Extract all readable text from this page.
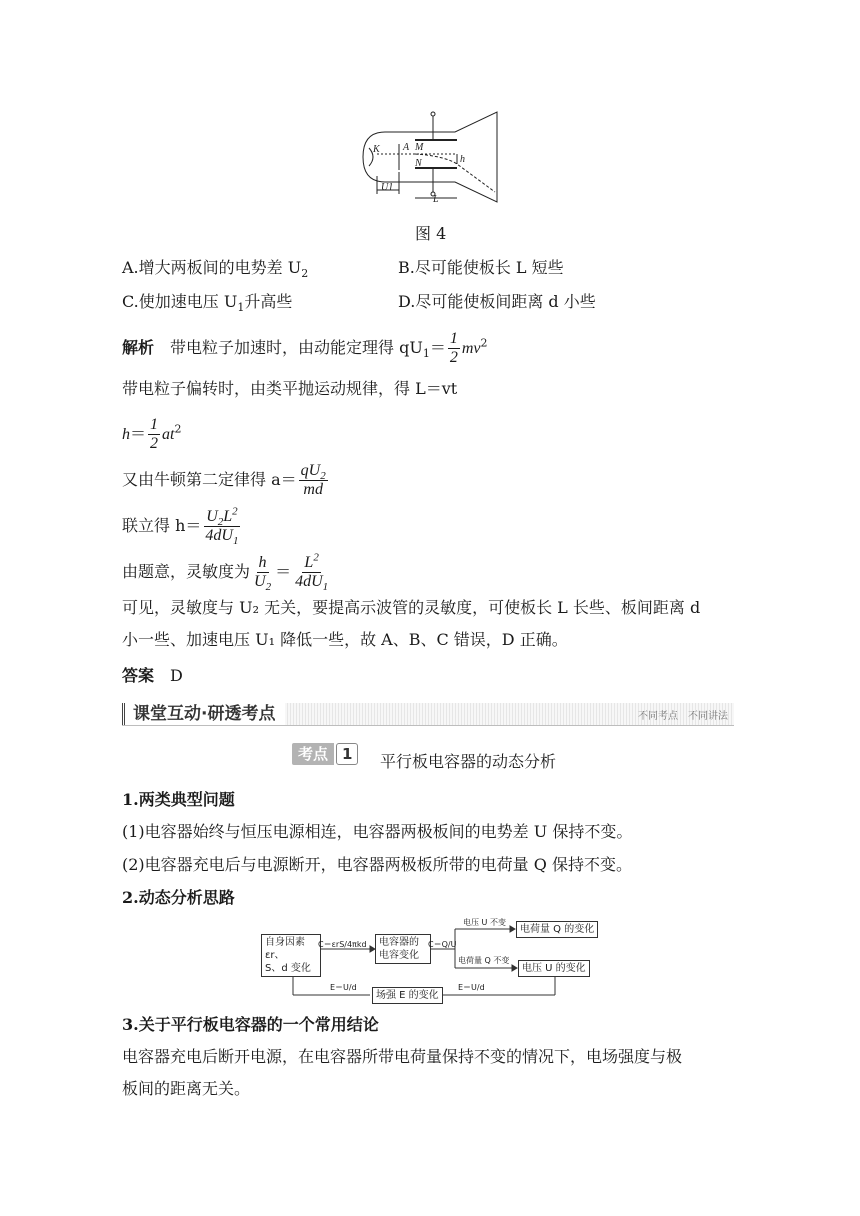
K A M
N	h
U1
L
图 4
A.增大两板间的电势差 $U_2$	B.尽可能使板长 L 短些
C.使加速电压 $U_1$升高些	D.尽可能使板间距离 d 小些
解析　 带电粒子加速时，由动能定理得 $qU_1= \frac{1}{2} mv^2$
带电粒子偏转时，由类平抛运动规律，得 L＝vt
$h= \frac{1}{2} at^2$
又由牛顿第二定律得 $a= \frac{qU_2}{md}$
联立得 $h= \frac{U_2L^2}{4dU_1}$
由题意，灵敏度为 $\frac{h}{U_2} = \frac{L^2}{4dU_1}$
可见，灵敏度与 U₂ 无关，要提高示波管的灵敏度，可使板长 L 长些、板间距离 d
小一些、加速电压 U₁ 降低一些，故 A、B、C 错误，D 正确。
答案　 D
课堂互动·研透考点	不同考点　不同讲法
考点 1	平行板电容器的动态分析
1.两类典型问题
(1)电容器始终与恒压电源相连，电容器两极板间的电势差 U 保持不变。
(2)电容器充电后与电源断开，电容器两极板所带的电荷量 Q 保持不变。
2.动态分析思路
自身因素 εr、
S、d 变化
C＝εrS/4πkd 电容器的
电容变化
C＝Q/U
电压 U 不变
电荷量 Q 的变化
电荷量 Q 不变
电压 U 的变化
E＝U/d	E＝U/d
场强 E 的变化
3.关于平行板电容器的一个常用结论
电容器充电后断开电源，在电容器所带电荷量保持不变的情况下，电场强度与极
板间的距离无关。
